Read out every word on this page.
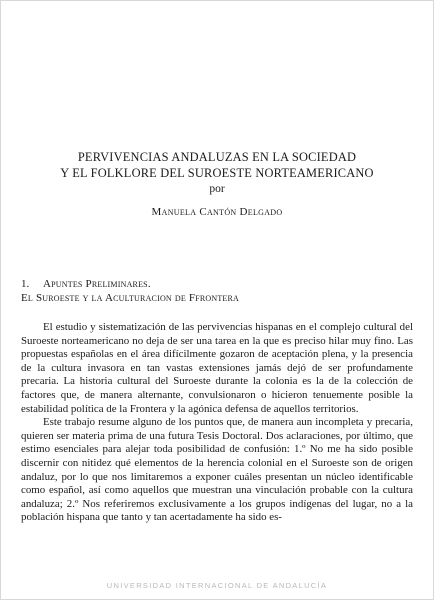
PERVIVENCIAS ANDALUZAS EN LA SOCIEDAD
Y EL FOLKLORE DEL SUROESTE NORTEAMERICANO
por
Manuela Cantón Delgado
1. Apuntes Preliminares.
El Suroeste y la Aculturacion de Ffrontera

El estudio y sistematización de las pervivencias hispanas en el complejo cultural del Suroeste norteamericano no deja de ser una tarea en la que es preciso hilar muy fino. Las propuestas españolas en el área difícilmente gozaron de aceptación plena, y la presencia de la cultura invasora en tan vastas extensiones jamás dejó de ser profundamente precaria. La historia cultural del Suroeste durante la colonia es la de la colección de factores que, de manera alternante, convulsionaron o hicieron tenuemente posible la estabilidad política de la Frontera y la agónica defensa de aquellos territorios.

Este trabajo resume alguno de los puntos que, de manera aun incompleta y precaria, quieren ser materia prima de una futura Tesis Doctoral. Dos aclaraciones, por último, que estimo esenciales para alejar toda posibilidad de confusión: 1.º No me ha sido posible discernir con nitidez qué elementos de la herencia colonial en el Suroeste son de origen andaluz, por lo que nos limitaremos a exponer cuáles presentan un núcleo identificable como español, así como aquellos que muestran una vinculación probable con la cultura andaluza; 2.º Nos referiremos exclusivamente a los grupos indígenas del lugar, no a la población hispana que tanto y tan acertadamente ha sido es-

UNIVERSIDAD INTERNACIONAL DE ANDALUCÍA
